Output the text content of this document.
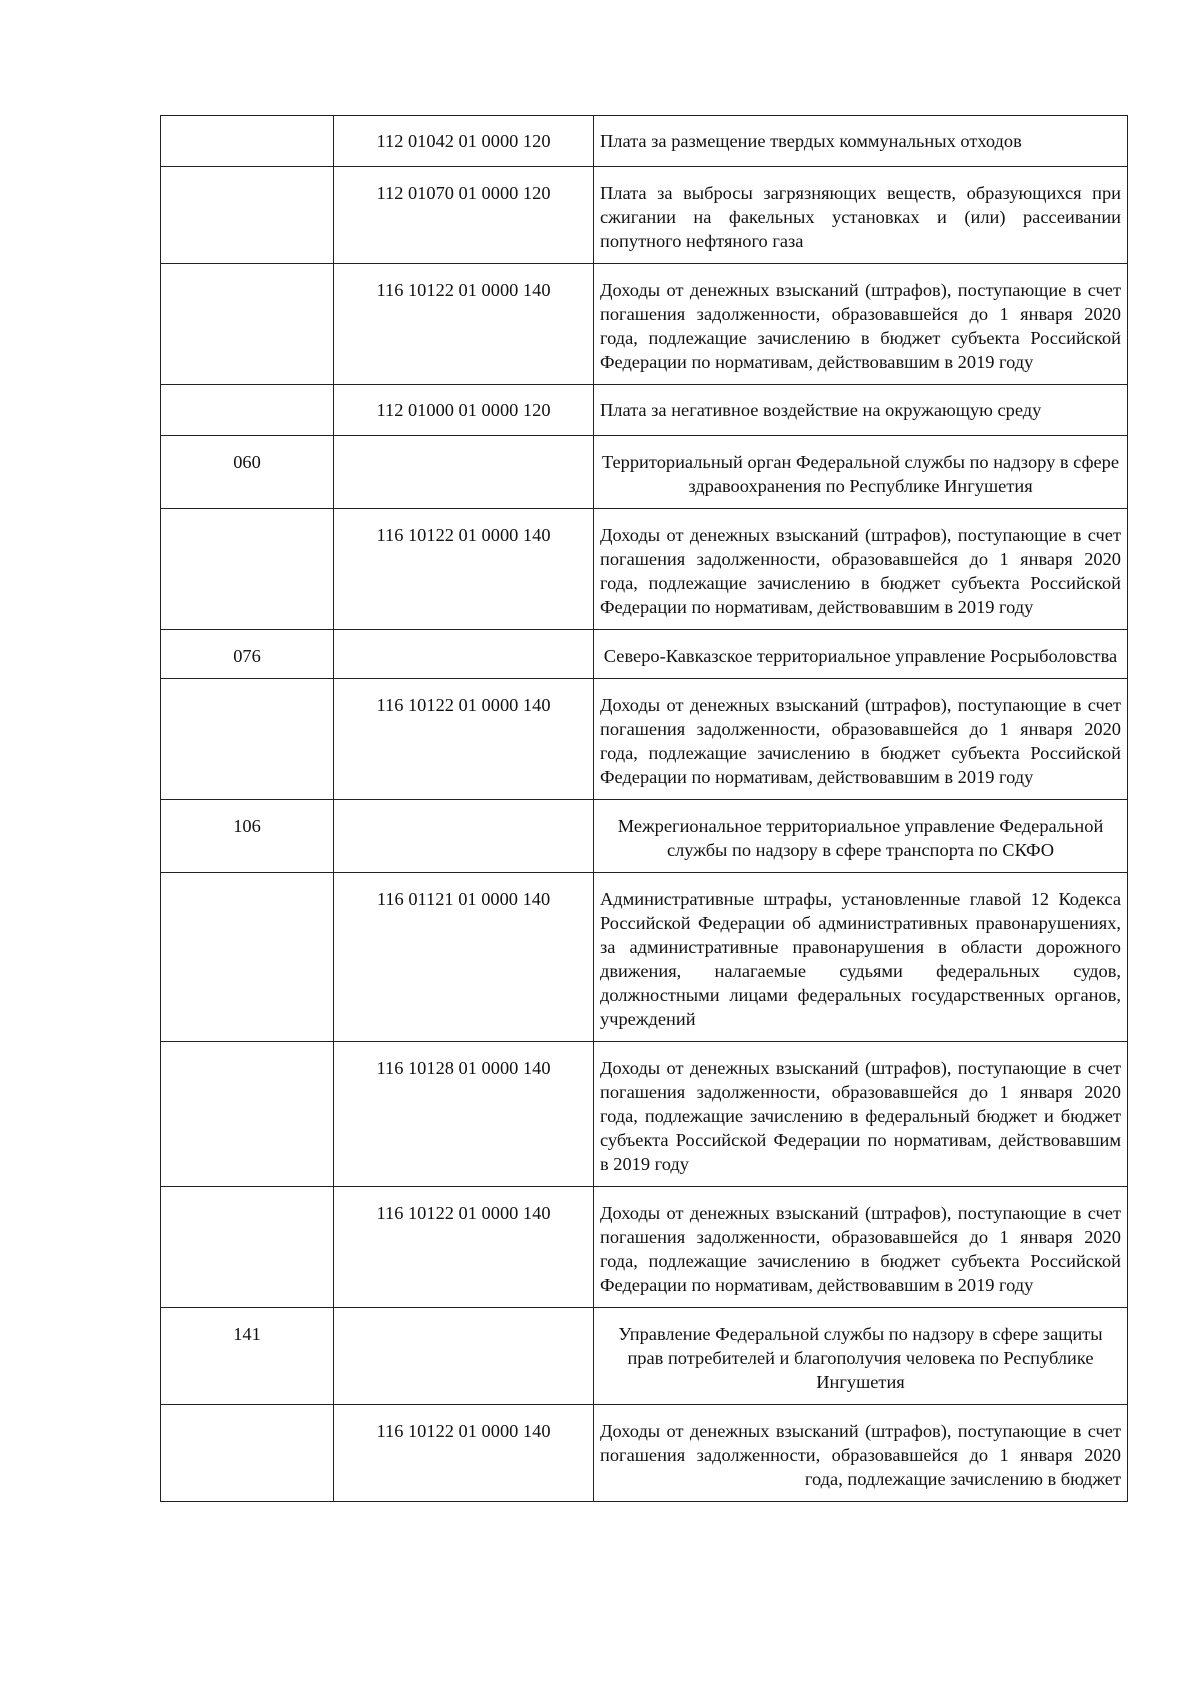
	112 01042 01 0000 120	Плата за размещение твердых коммунальных отходов
	112 01070 01 0000 120	Плата за выбросы загрязняющих веществ, образующихся при сжигании на факельных установках и (или) рассеивании попутного нефтяного газа
	116 10122 01 0000 140	Доходы от денежных взысканий (штрафов), поступающие в счет погашения задолженности, образовавшейся до 1 января 2020 года, подлежащие зачислению в бюджет субъекта Российской Федерации по нормативам, действовавшим в 2019 году
	112 01000 01 0000 120	Плата за негативное воздействие на окружающую среду
060		Территориальный орган Федеральной службы по надзору в сфере здравоохранения по Республике Ингушетия
	116 10122 01 0000 140	Доходы от денежных взысканий (штрафов), поступающие в счет погашения задолженности, образовавшейся до 1 января 2020 года, подлежащие зачислению в бюджет субъекта Российской Федерации по нормативам, действовавшим в 2019 году
076		Северо-Кавказское территориальное управление Росрыболовства
	116 10122 01 0000 140	Доходы от денежных взысканий (штрафов), поступающие в счет погашения задолженности, образовавшейся до 1 января 2020 года, подлежащие зачислению в бюджет субъекта Российской Федерации по нормативам, действовавшим в 2019 году
106		Межрегиональное территориальное управление Федеральной службы по надзору в сфере транспорта по СКФО
	116 01121 01 0000 140	Административные штрафы, установленные главой 12 Кодекса Российской Федерации об административных правонарушениях, за административные правонарушения в области дорожного движения, налагаемые судьями федеральных судов, должностными лицами федеральных государственных органов, учреждений
	116 10128 01 0000 140	Доходы от денежных взысканий (штрафов), поступающие в счет погашения задолженности, образовавшейся до 1 января 2020 года, подлежащие зачислению в федеральный бюджет и бюджет субъекта Российской Федерации по нормативам, действовавшим в 2019 году
	116 10122 01 0000 140	Доходы от денежных взысканий (штрафов), поступающие в счет погашения задолженности, образовавшейся до 1 января 2020 года, подлежащие зачислению в бюджет субъекта Российской Федерации по нормативам, действовавшим в 2019 году
141		Управление Федеральной службы по надзору в сфере защиты прав потребителей и благополучия человека по Республике Ингушетия
	116 10122 01 0000 140	Доходы от денежных взысканий (штрафов), поступающие в счет погашения задолженности, образовавшейся до 1 января 2020 года, подлежащие зачислению в бюджет
